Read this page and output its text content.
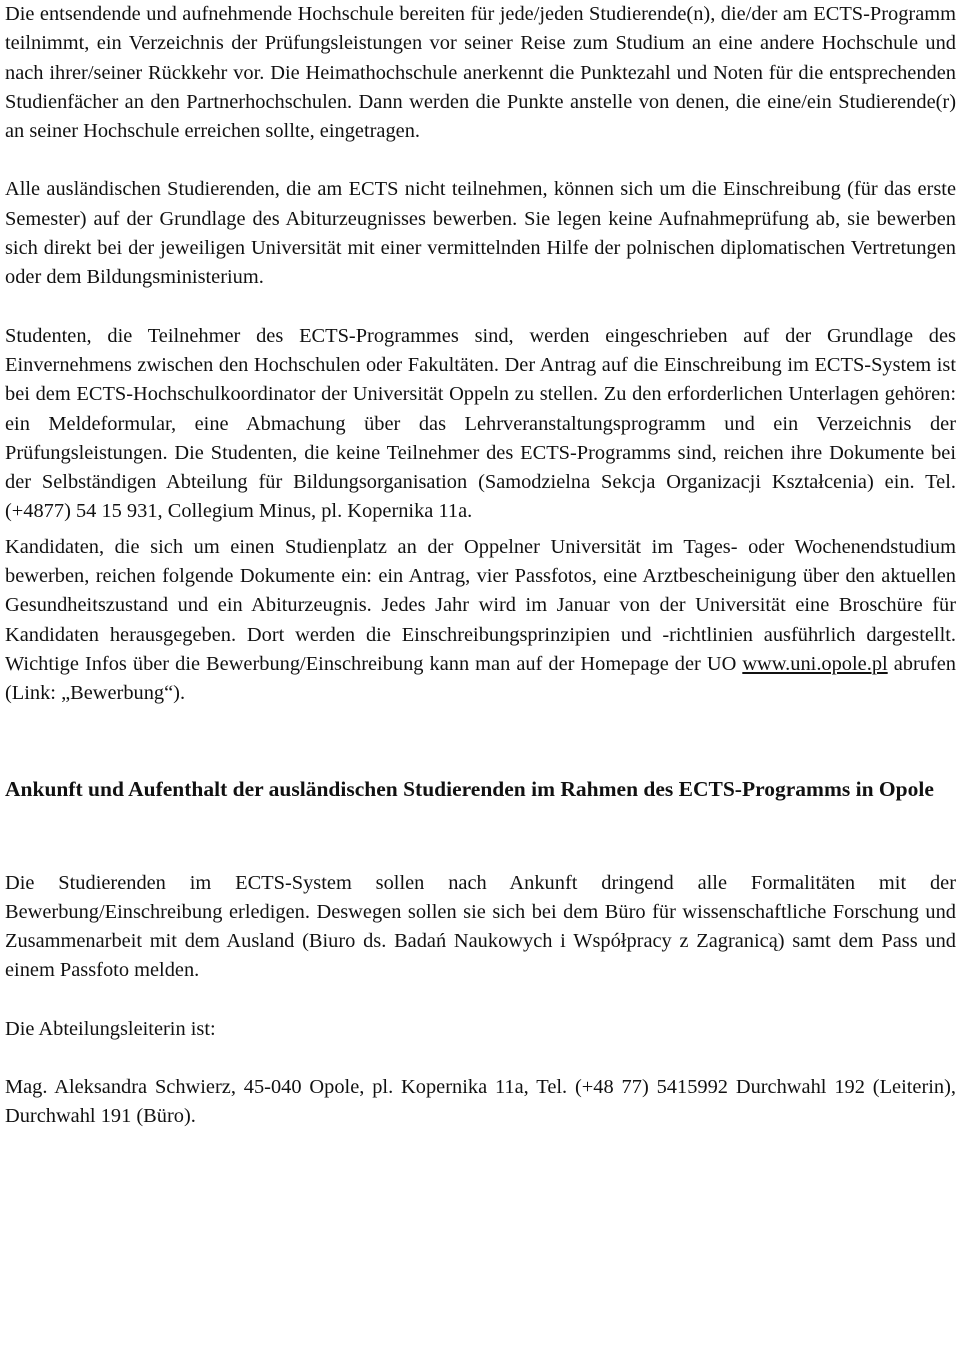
Die entsendende und aufnehmende Hochschule bereiten für jede/jeden Studierende(n), die/der am ECTS-Programm teilnimmt, ein Verzeichnis der Prüfungsleistungen vor seiner Reise zum Studium an eine andere Hochschule und nach ihrer/seiner Rückkehr vor. Die Heimathochschule anerkennt die Punktezahl und Noten für die entsprechenden Studienfächer an den Partnerhochschulen. Dann werden die Punkte anstelle von denen, die eine/ein Studierende(r) an seiner Hochschule erreichen sollte, eingetragen.

Alle ausländischen Studierenden, die am ECTS nicht teilnehmen, können sich um die Einschreibung (für das erste Semester) auf der Grundlage des Abiturzeugnisses bewerben. Sie legen keine Aufnahmeprüfung ab, sie bewerben sich direkt bei der jeweiligen Universität mit einer vermittelnden Hilfe der polnischen diplomatischen Vertretungen oder dem Bildungsministerium.

Studenten, die Teilnehmer des ECTS-Programmes sind, werden eingeschrieben auf der Grundlage des Einvernehmens zwischen den Hochschulen oder Fakultäten. Der Antrag auf die Einschreibung im ECTS-System ist bei dem ECTS-Hochschulkoordinator der Universität Oppeln zu stellen. Zu den erforderlichen Unterlagen gehören: ein Meldeformular, eine Abmachung über das Lehrveranstaltungsprogramm und ein Verzeichnis der Prüfungsleistungen. Die Studenten, die keine Teilnehmer des ECTS-Programms sind, reichen ihre Dokumente bei der Selbständigen Abteilung für Bildungsorganisation (Samodzielna Sekcja Organizacji Kształcenia) ein. Tel. (+4877) 54 15 931, Collegium Minus, pl. Kopernika 11a.

Kandidaten, die sich um einen Studienplatz an der Oppelner Universität im Tages- oder Wochenendstudium bewerben, reichen folgende Dokumente ein: ein Antrag, vier Passfotos, eine Arztbescheinigung über den aktuellen Gesundheitszustand und ein Abiturzeugnis. Jedes Jahr wird im Januar von der Universität eine Broschüre für Kandidaten herausgegeben. Dort werden die Einschreibungsprinzipien und -richtlinien ausführlich dargestellt. Wichtige Infos über die Bewerbung/Einschreibung kann man auf der Homepage der UO www.uni.opole.pl abrufen (Link: „Bewerbung“).

Ankunft und Aufenthalt der ausländischen Studierenden im Rahmen des ECTS-Programms in Opole

Die Studierenden im ECTS-System sollen nach Ankunft dringend alle Formalitäten mit der Bewerbung/Einschreibung erledigen. Deswegen sollen sie sich bei dem Büro für wissenschaftliche Forschung und Zusammenarbeit mit dem Ausland (Biuro ds. Badań Naukowych i Współpracy z Zagranicą) samt dem Pass und einem Passfoto melden.

Die Abteilungsleiterin ist:

Mag. Aleksandra Schwierz, 45-040 Opole, pl. Kopernika 11a, Tel. (+48 77) 5415992 Durchwahl 192 (Leiterin), Durchwahl 191 (Büro).
